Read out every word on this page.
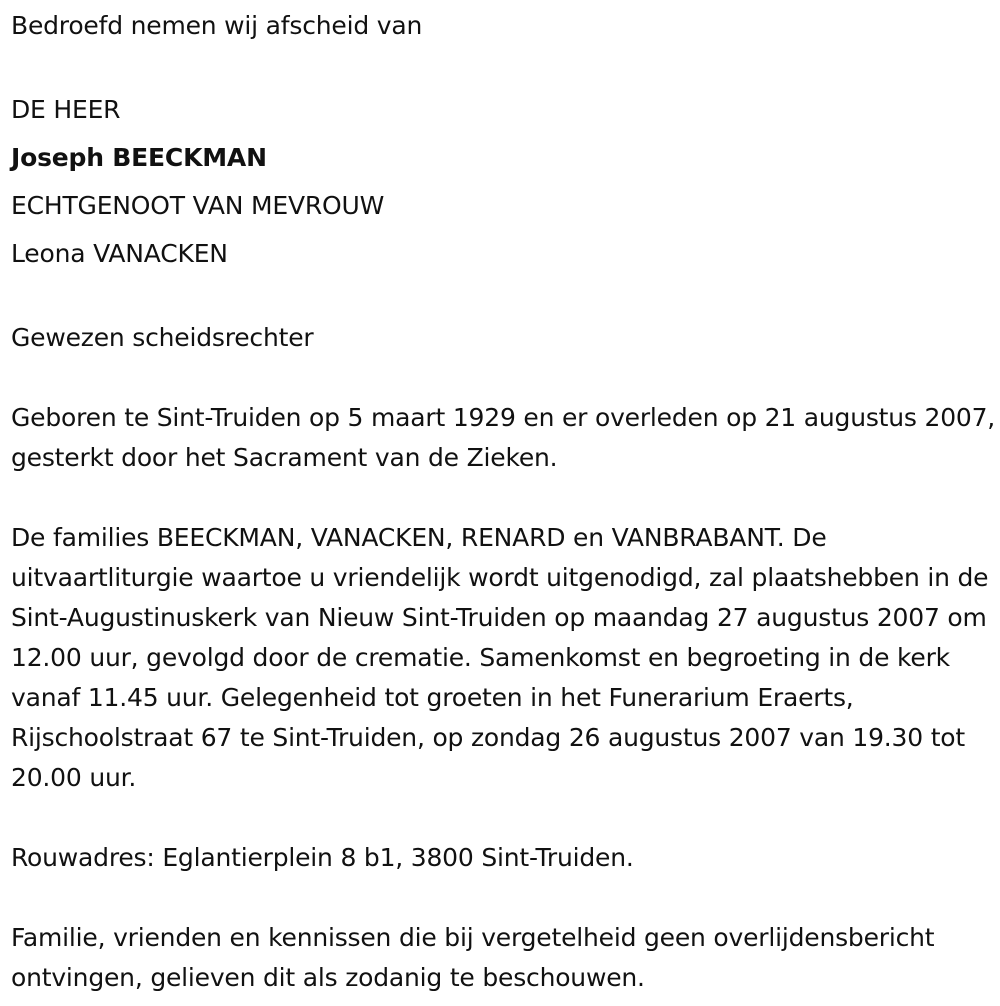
Bedroefd nemen wij afscheid van

DE HEER

Joseph BEECKMAN

ECHTGENOOT VAN MEVROUW

Leona VANACKEN

Gewezen scheidsrechter

Geboren te Sint-Truiden op 5 maart 1929 en er overleden op 21 augustus 2007, gesterkt door het Sacrament van de Zieken.

De families BEECKMAN, VANACKEN, RENARD en VANBRABANT. De uitvaartliturgie waartoe u vriendelijk wordt uitgenodigd, zal plaatshebben in de Sint-Augustinuskerk van Nieuw Sint-Truiden op maandag 27 augustus 2007 om 12.00 uur, gevolgd door de crematie. Samenkomst en begroeting in de kerk vanaf 11.45 uur. Gelegenheid tot groeten in het Funerarium Eraerts, Rijschoolstraat 67 te Sint-Truiden, op zondag 26 augustus 2007 van 19.30 tot 20.00 uur.

Rouwadres: Eglantierplein 8 b1, 3800 Sint-Truiden.

Familie, vrienden en kennissen die bij vergetelheid geen overlijdensbericht ontvingen, gelieven dit als zodanig te beschouwen.
